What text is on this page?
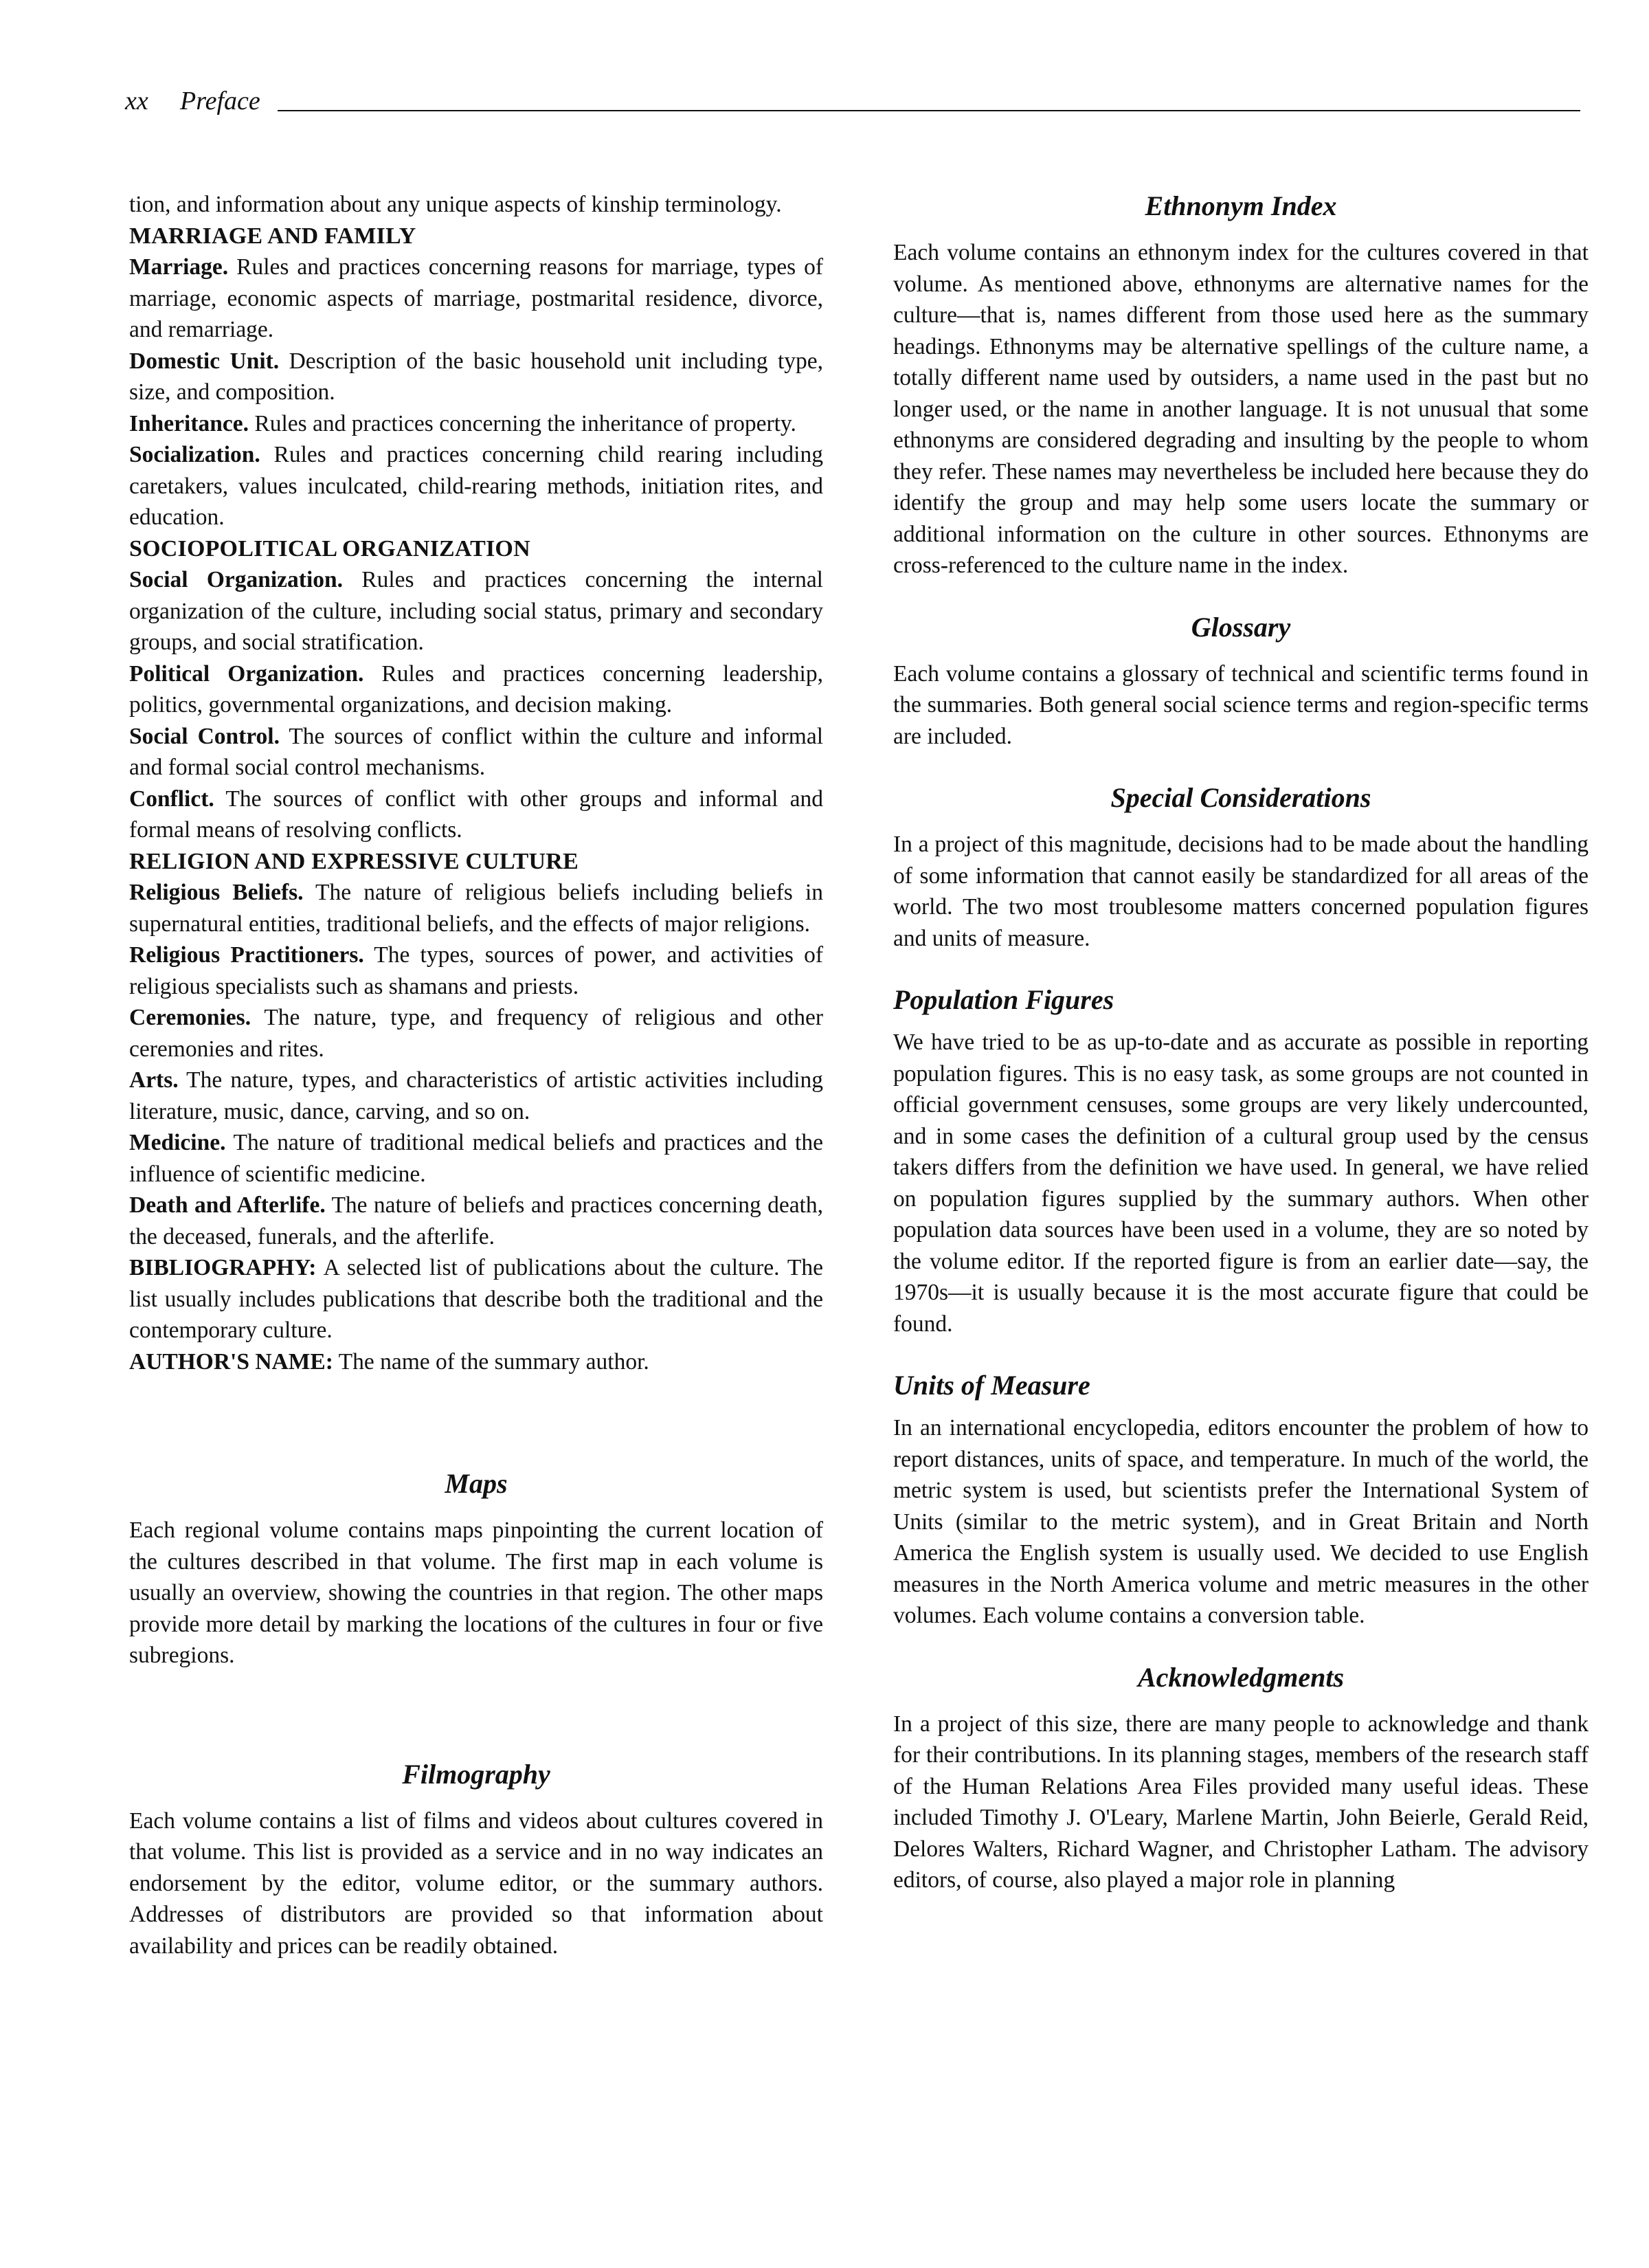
xx Preface

tion, and information about any unique aspects of kinship terminology.

MARRIAGE AND FAMILY

Marriage. Rules and practices concerning reasons for marriage, types of marriage, economic aspects of marriage, postmarital residence, divorce, and remarriage.

Domestic Unit. Description of the basic household unit including type, size, and composition.

Inheritance. Rules and practices concerning the inheritance of property.

Socialization. Rules and practices concerning child rearing including caretakers, values inculcated, child-rearing methods, initiation rites, and education.

SOCIOPOLITICAL ORGANIZATION

Social Organization. Rules and practices concerning the internal organization of the culture, including social status, primary and secondary groups, and social stratification.

Political Organization. Rules and practices concerning leadership, politics, governmental organizations, and decision making.

Social Control. The sources of conflict within the culture and informal and formal social control mechanisms.

Conflict. The sources of conflict with other groups and informal and formal means of resolving conflicts.

RELIGION AND EXPRESSIVE CULTURE

Religious Beliefs. The nature of religious beliefs including beliefs in supernatural entities, traditional beliefs, and the effects of major religions.

Religious Practitioners. The types, sources of power, and activities of religious specialists such as shamans and priests.

Ceremonies. The nature, type, and frequency of religious and other ceremonies and rites.

Arts. The nature, types, and characteristics of artistic activities including literature, music, dance, carving, and so on.

Medicine. The nature of traditional medical beliefs and practices and the influence of scientific medicine.

Death and Afterlife. The nature of beliefs and practices concerning death, the deceased, funerals, and the afterlife.

BIBLIOGRAPHY: A selected list of publications about the culture. The list usually includes publications that describe both the traditional and the contemporary culture.

AUTHOR'S NAME: The name of the summary author.

Maps

Each regional volume contains maps pinpointing the current location of the cultures described in that volume. The first map in each volume is usually an overview, showing the countries in that region. The other maps provide more detail by marking the locations of the cultures in four or five subregions.

Filmography

Each volume contains a list of films and videos about cultures covered in that volume. This list is provided as a service and in no way indicates an endorsement by the editor, volume editor, or the summary authors. Addresses of distributors are provided so that information about availability and prices can be readily obtained.

Ethnonym Index

Each volume contains an ethnonym index for the cultures covered in that volume. As mentioned above, ethnonyms are alternative names for the culture—that is, names different from those used here as the summary headings. Ethnonyms may be alternative spellings of the culture name, a totally different name used by outsiders, a name used in the past but no longer used, or the name in another language. It is not unusual that some ethnonyms are considered degrading and insulting by the people to whom they refer. These names may nevertheless be included here because they do identify the group and may help some users locate the summary or additional information on the culture in other sources. Ethnonyms are cross-referenced to the culture name in the index.

Glossary

Each volume contains a glossary of technical and scientific terms found in the summaries. Both general social science terms and region-specific terms are included.

Special Considerations

In a project of this magnitude, decisions had to be made about the handling of some information that cannot easily be standardized for all areas of the world. The two most troublesome matters concerned population figures and units of measure.

Population Figures

We have tried to be as up-to-date and as accurate as possible in reporting population figures. This is no easy task, as some groups are not counted in official government censuses, some groups are very likely undercounted, and in some cases the definition of a cultural group used by the census takers differs from the definition we have used. In general, we have relied on population figures supplied by the summary authors. When other population data sources have been used in a volume, they are so noted by the volume editor. If the reported figure is from an earlier date—say, the 1970s—it is usually because it is the most accurate figure that could be found.

Units of Measure

In an international encyclopedia, editors encounter the problem of how to report distances, units of space, and temperature. In much of the world, the metric system is used, but scientists prefer the International System of Units (similar to the metric system), and in Great Britain and North America the English system is usually used. We decided to use English measures in the North America volume and metric measures in the other volumes. Each volume contains a conversion table.

Acknowledgments

In a project of this size, there are many people to acknowledge and thank for their contributions. In its planning stages, members of the research staff of the Human Relations Area Files provided many useful ideas. These included Timothy J. O'Leary, Marlene Martin, John Beierle, Gerald Reid, Delores Walters, Richard Wagner, and Christopher Latham. The advisory editors, of course, also played a major role in planning
